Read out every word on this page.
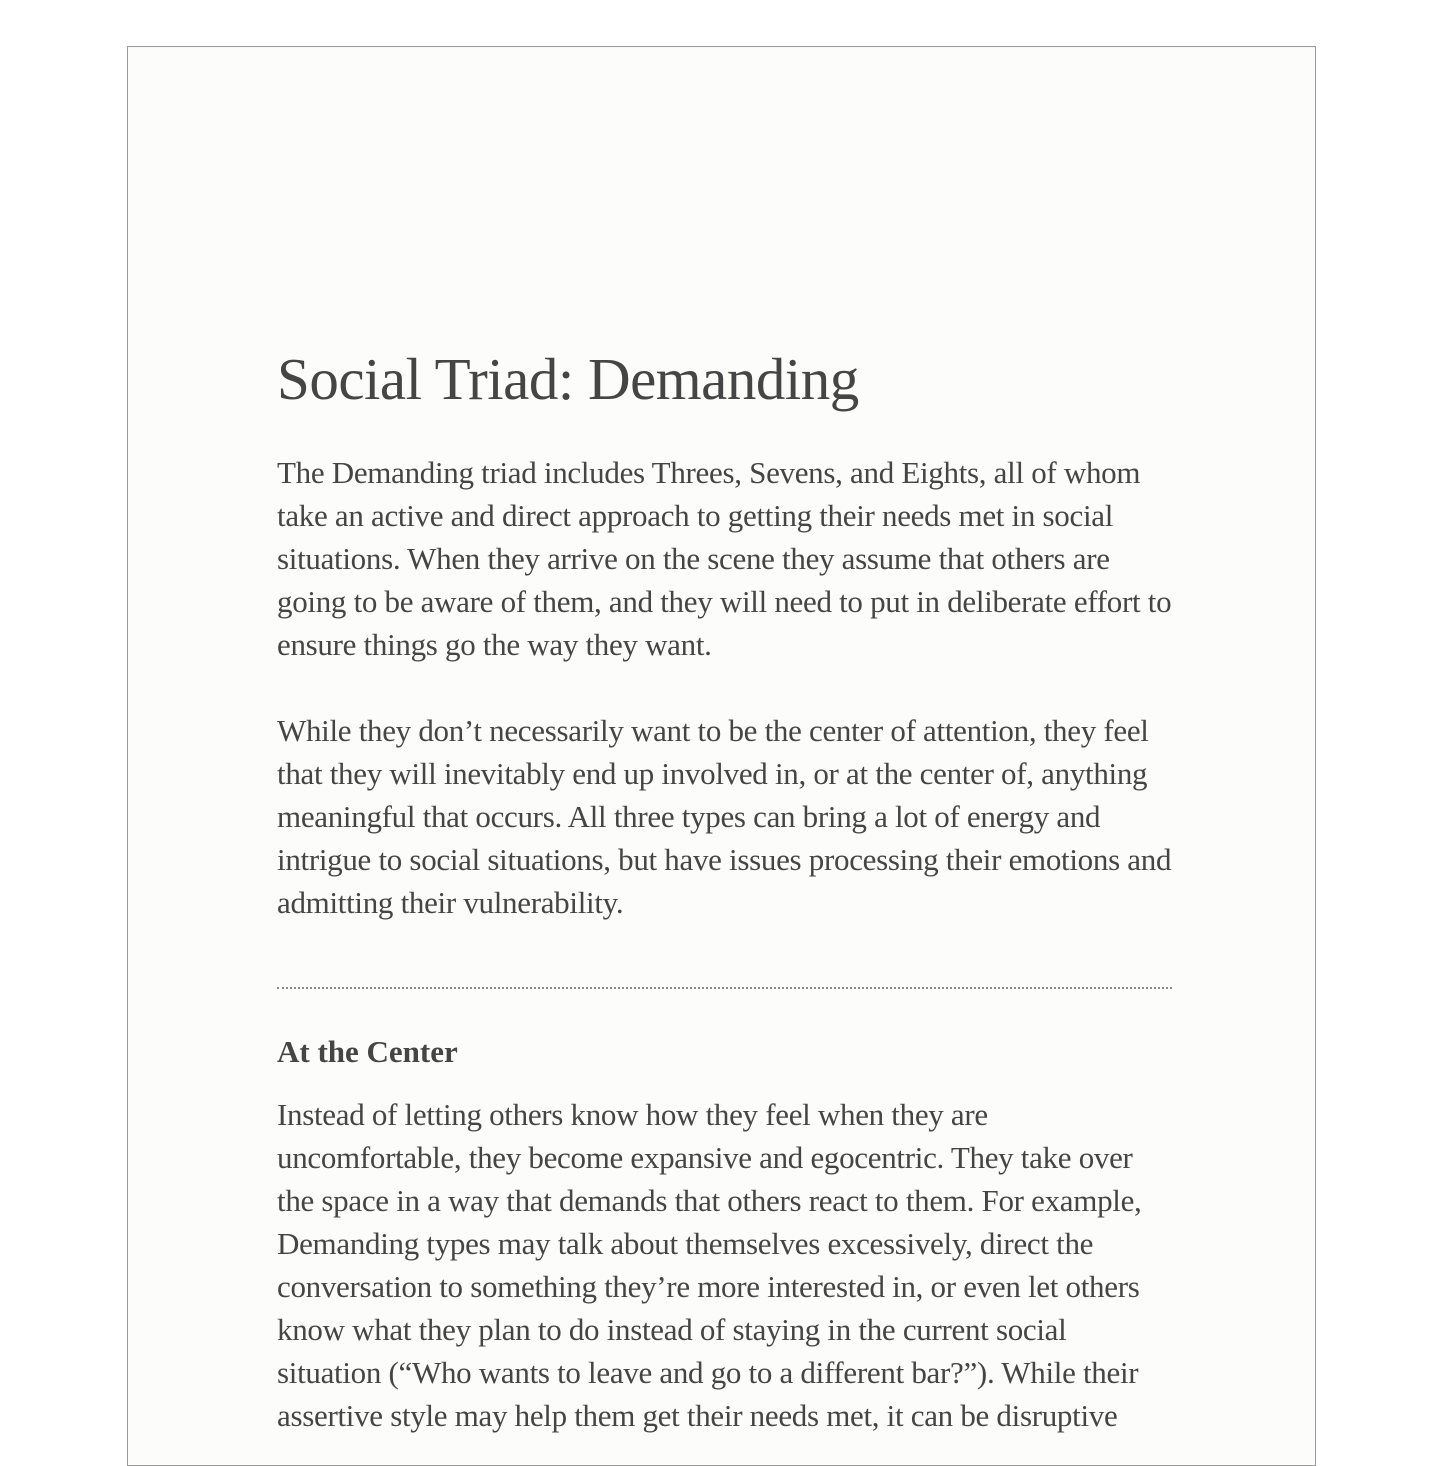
Social Triad: Demanding

The Demanding triad includes Threes, Sevens, and Eights, all of whom take an active and direct approach to getting their needs met in social situations. When they arrive on the scene they assume that others are going to be aware of them, and they will need to put in deliberate effort to ensure things go the way they want.

While they don’t necessarily want to be the center of attention, they feel that they will inevitably end up involved in, or at the center of, anything meaningful that occurs. All three types can bring a lot of energy and intrigue to social situations, but have issues processing their emotions and admitting their vulnerability.

At the Center

Instead of letting others know how they feel when they are uncomfortable, they become expansive and egocentric. They take over the space in a way that demands that others react to them. For example, Demanding types may talk about themselves excessively, direct the conversation to something they’re more interested in, or even let others know what they plan to do instead of staying in the current social situation (“Who wants to leave and go to a different bar?”). While their assertive style may help them get their needs met, it can be disruptive
